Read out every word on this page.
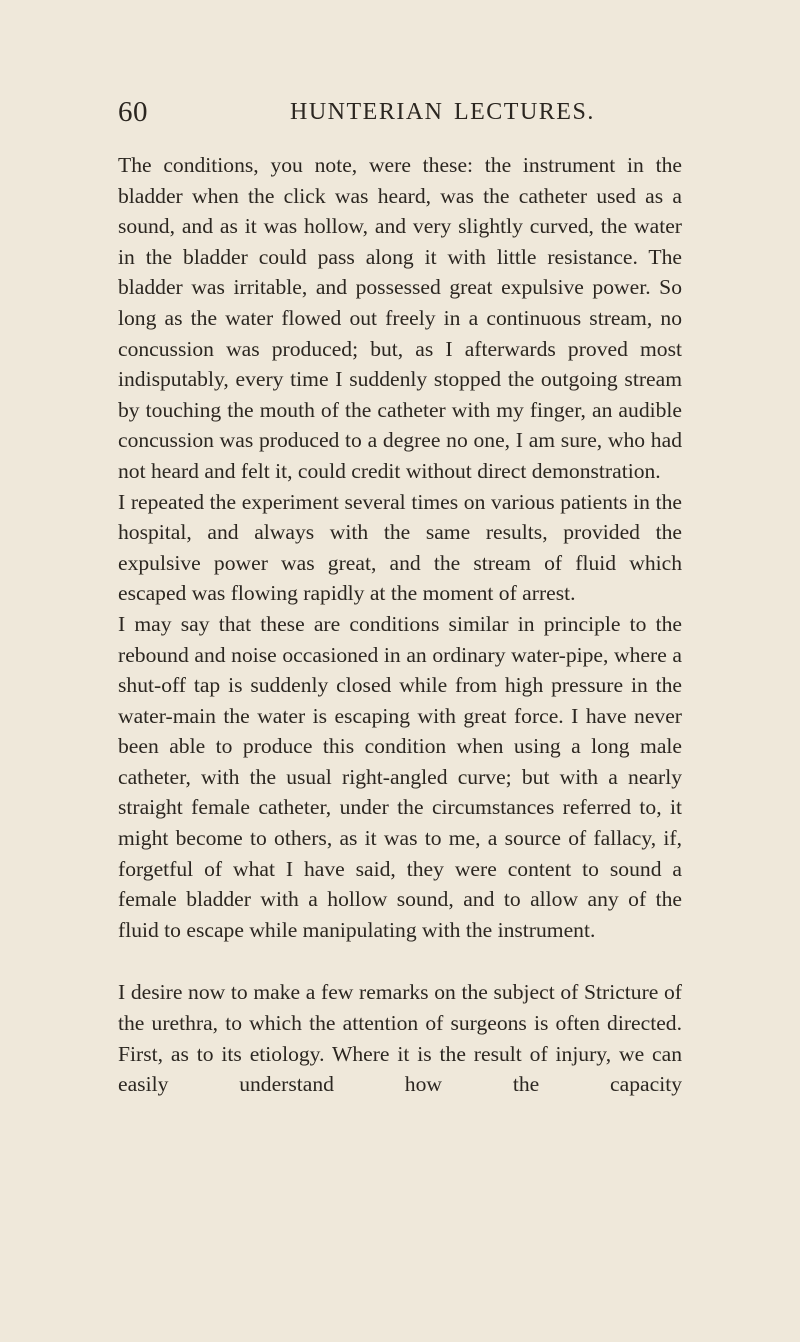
60	HUNTERIAN LECTURES.

The conditions, you note, were these: the instrument in the bladder when the click was heard, was the catheter used as a sound, and as it was hollow, and very slightly curved, the water in the bladder could pass along it with little resistance. The bladder was irritable, and possessed great expulsive power. So long as the water flowed out freely in a continuous stream, no concussion was produced; but, as I afterwards proved most indisputably, every time I suddenly stopped the outgoing stream by touching the mouth of the catheter with my finger, an audible concussion was produced to a degree no one, I am sure, who had not heard and felt it, could credit without direct demonstration.

I repeated the experiment several times on various patients in the hospital, and always with the same results, provided the expulsive power was great, and the stream of fluid which escaped was flowing rapidly at the moment of arrest.

I may say that these are conditions similar in principle to the rebound and noise occasioned in an ordinary water-pipe, where a shut-off tap is suddenly closed while from high pressure in the water-main the water is escaping with great force. I have never been able to produce this condition when using a long male catheter, with the usual right-angled curve; but with a nearly straight female catheter, under the circumstances referred to, it might become to others, as it was to me, a source of fallacy, if, forgetful of what I have said, they were content to sound a female bladder with a hollow sound, and to allow any of the fluid to escape while manipulating with the instrument.

I desire now to make a few remarks on the subject of Stricture of the urethra, to which the attention of surgeons is often directed. First, as to its etiology. Where it is the result of injury, we can easily understand how the capacity
